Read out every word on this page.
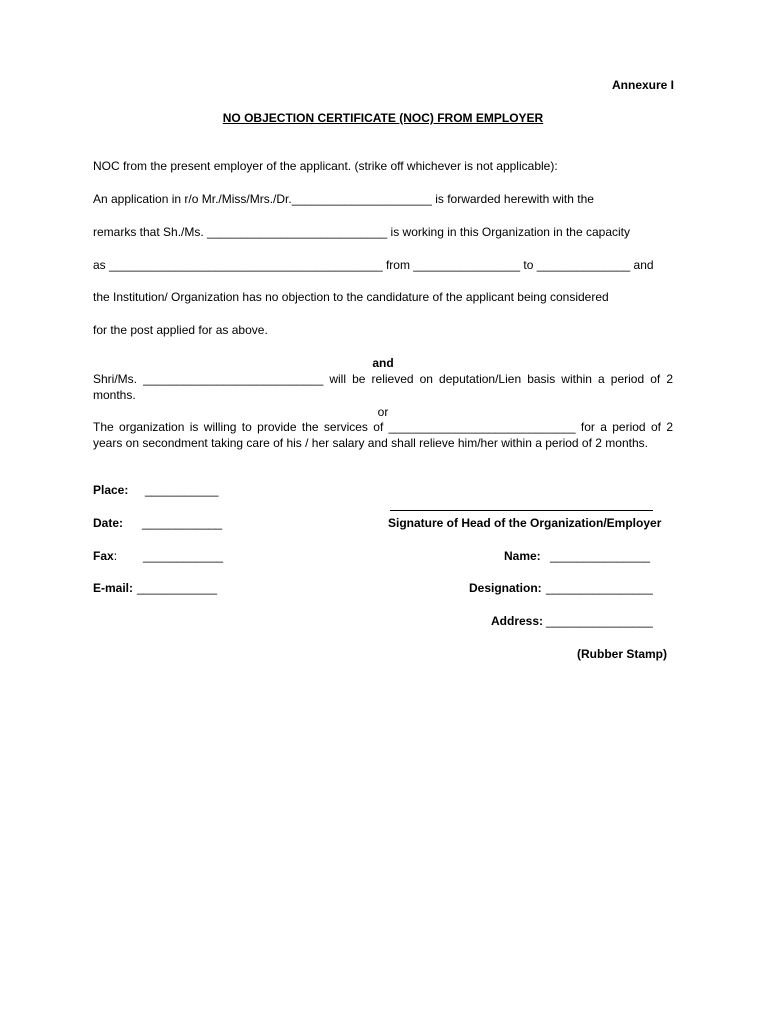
Annexure I
NO OBJECTION CERTIFICATE (NOC) FROM EMPLOYER
NOC from the present employer of the applicant. (strike off whichever is not applicable):
An application in r/o Mr./Miss/Mrs./Dr._____________________ is forwarded herewith with the
remarks that Sh./Ms. ___________________________ is working in this Organization in the capacity
as _________________________________________ from ________________ to ______________ and
the Institution/ Organization has no objection to the candidature of the applicant being considered
for the post applied for as above.
and
Shri/Ms. ___________________________ will be relieved on deputation/Lien basis within a period of 2 months.
or
The organization is willing to provide the services of ____________________________ for a period of 2 years on secondment taking care of his / her salary and shall relieve him/her within a period of 2 months.
Place: ___________
Date: ____________
Fax: ____________
E-mail: ____________
Signature of Head of the Organization/Employer
Name: _______________
Designation: ________________
Address: ________________
(Rubber Stamp)
